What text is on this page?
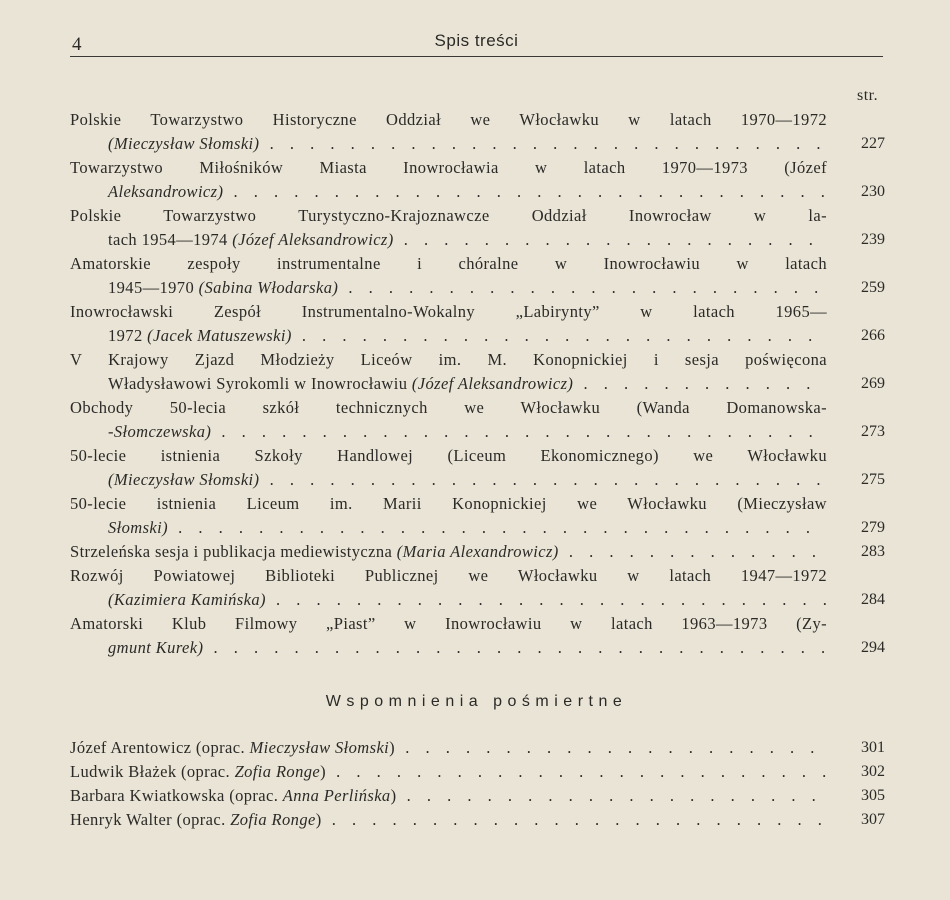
4	Spis treści
str.
Polskie Towarzystwo Historyczne Oddział we Włocławku w latach 1970—1972
(Mieczysław Słomski) . . .	227
Towarzystwo Miłośników Miasta Inowrocławia w latach 1970—1973 (Józef
Aleksandrowicz) . . .	230
Polskie Towarzystwo Turystyczno-Krajoznawcze Oddział Inowrocław w la-
tach 1954—1974 (Józef Aleksandrowicz) . . .	239
Amatorskie zespoły instrumentalne i chóralne w Inowrocławiu w latach
1945—1970 (Sabina Włodarska) . . .	259
Inowrocławski Zespół Instrumentalno-Wokalny „Labirynty” w latach 1965—
1972 (Jacek Matuszewski) . . .	266
V Krajowy Zjazd Młodzieży Liceów im. M. Konopnickiej i sesja poświęcona
Władysławowi Syrokomli w Inowrocławiu (Józef Aleksandrowicz) . . .	269
Obchody 50-lecia szkół technicznych we Włocławku (Wanda Domanowska-
-Słomczewska) . . .	273
50-lecie istnienia Szkoły Handlowej (Liceum Ekonomicznego) we Włocławku
(Mieczysław Słomski) . . .	275
50-lecie istnienia Liceum im. Marii Konopnickiej we Włocławku (Mieczysław
Słomski) . . .	279
Strzeleńska sesja i publikacja mediewistyczna (Maria Alexandrowicz) . . .	283
Rozwój Powiatowej Biblioteki Publicznej we Włocławku w latach 1947—1972
(Kazimiera Kamińska) . . .	284
Amatorski Klub Filmowy „Piast” w Inowrocławiu w latach 1963—1973 (Zy-
gmunt Kurek) . . .	294
Wspomnienia pośmiertne
Józef Arentowicz (oprac. Mieczysław Słomski) . . .	301
Ludwik Błażek (oprac. Zofia Ronge) . . .	302
Barbara Kwiatkowska (oprac. Anna Perlińska) . . .	305
Henryk Walter (oprac. Zofia Ronge) . . .	307
